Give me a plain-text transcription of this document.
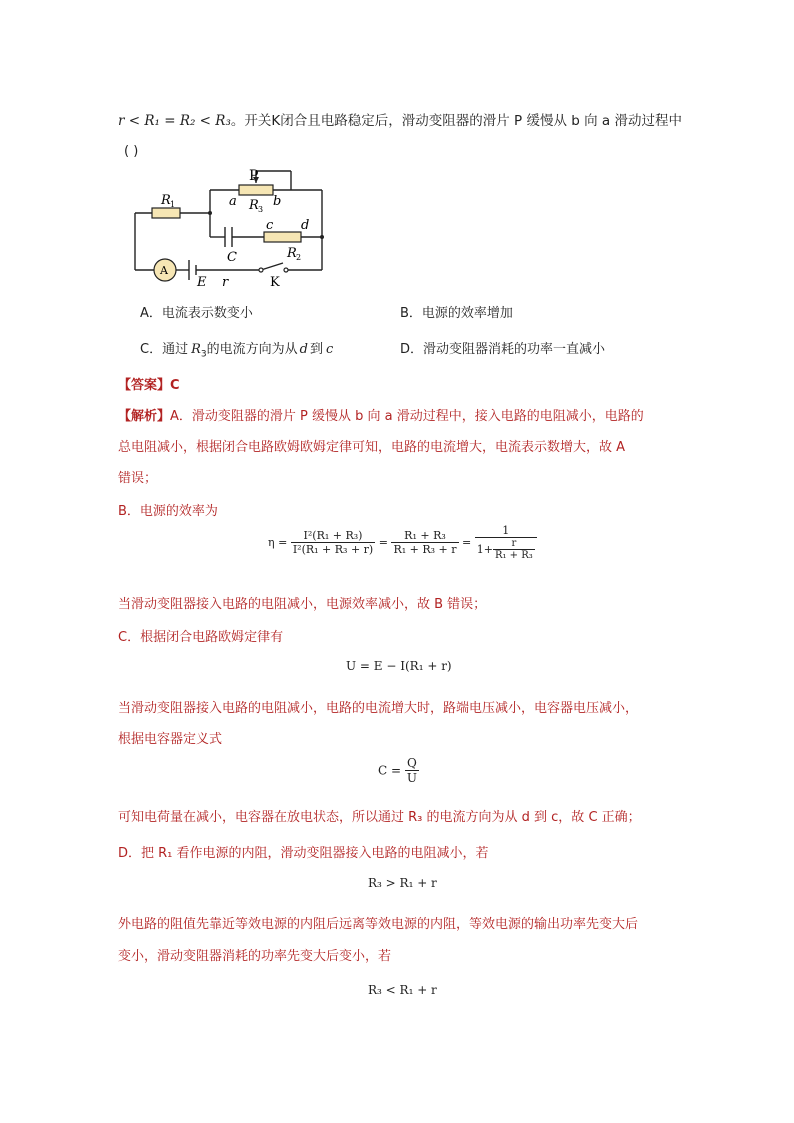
r < R₁ = R₂ < R₃。开关K闭合且电路稳定后，滑动变阻器的滑片 P 缓慢从 b 向 a 滑动过程中
( )
R 1
P
a R 3
b
c d
C	R 2
A
E r	K
A．电流表示数变小	B．电源的效率增加
C．通过 $R_3$的电流方向为从 d 到 c	D．滑动变阻器消耗的功率一直减小
【答案】C
【解析】A．滑动变阻器的滑片 P 缓慢从 b 向 a 滑动过程中，接入电路的电阻减小，电路的
总电阻减小，根据闭合电路欧姆欧姆定律可知，电路的电流增大，电流表示数增大，故 A
错误；
B．电源的效率为
$\eta = \frac{\text{I²(R₁ + R₃)}}{\text{I²(R₁ + R₃ + r)}} = \frac{\text{R₁ + R₃}}{\text{R₁ + R₃ + r}} = \frac{1}{1+ \frac{r}{\text{R₁ + R₃}}}$
当滑动变阻器接入电路的电阻减小，电源效率减小，故 B 错误；
C．根据闭合电路欧姆定律有
U = E − I(R₁ + r)
当滑动变阻器接入电路的电阻减小，电路的电流增大时，路端电压减小，电容器电压减小，
根据电容器定义式
$C = \frac{Q}{U}$
可知电荷量在减小，电容器在放电状态，所以通过 R₃ 的电流方向为从 d 到 c，故 C 正确；
D．把 R₁ 看作电源的内阻，滑动变阻器接入电路的电阻减小，若
R₃ > R₁ + r
外电路的阻值先靠近等效电源的内阻后远离等效电源的内阻，等效电源的输出功率先变大后
变小，滑动变阻器消耗的功率先变大后变小，若
R₃ < R₁ + r
